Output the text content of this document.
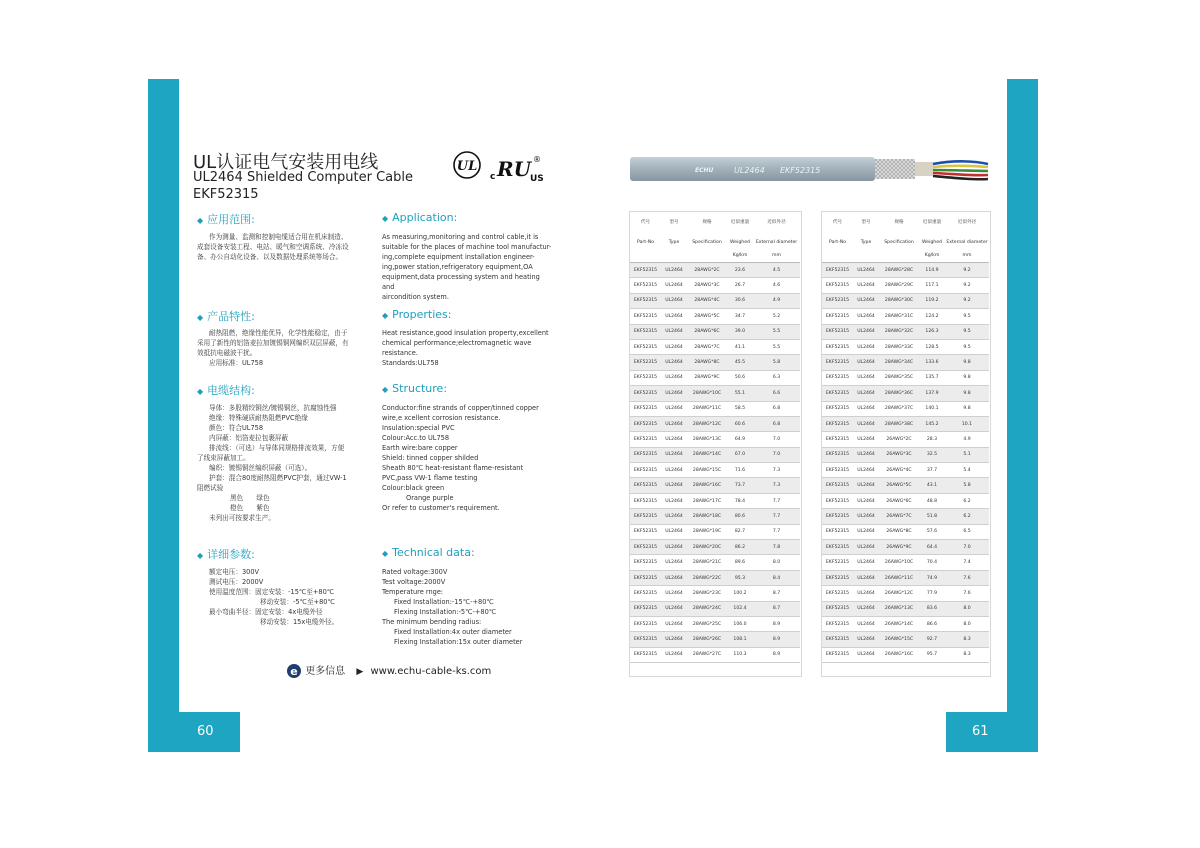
60	61
UL认证电气安装用电线
UL2464 Shielded Computer Cable
EKF52315
UL
c RU ®
US
◆ 应用范围:
作为测量、监测和控制电缆适合用在机床制造、
成套设备安装工程、电站、暖气和空调系统、冷冻设
备、办公自动化设备、以及数据处理系统等场合。
◆ 产品特性:
耐热阻燃，绝缘性能优异，化学性能稳定，由于
采用了新性的铝箔麦拉加镀锡铜网编织双层屏蔽，有
效抵抗电磁波干扰。
应用标准：UL758
◆ 电缆结构:
导体：多股精绞铜丝/镀锡铜丝，抗腐蚀性强
绝缘：特殊硬质耐热阻燃PVC绝缘
颜色：符合UL758
内屏蔽：铝箔麦拉包裹屏蔽
排流线：（可选）与导体同规格排流效果，方便
了线束屏蔽加工。
编织：镀锡铜丝编织屏蔽（可选）。
护套：混合80度耐热阻燃PVC护套，通过VW-1
阻燃试验
黑色　　绿色
橙色　　紫色
未列出可按要求生产。
◆ 详细参数:
额定电压：300V
测试电压：2000V
使用温度范围：固定安装：-15℃至+80℃
移动安装：-5℃至+80℃
最小弯曲半径：固定安装：4x电缆外径
移动安装：15x电缆外径。
◆ Application:
As measuring,monitoring and control cable,it is
suitable for the places of machine tool manufactur-
ing,complete equipment installation engineer-
ing,power station,refrigeratory equipment,OA
equipment,data processing system and heating and
aircondition system.
◆ Properties:
Heat resistance,good insulation property,excellent
chemical performance;electromagnetic wave
resistance.
Standards:UL758
◆ Structure:
Conductor:fine strands of copper/tinned copper
wire,e xcellent corrosion resistance.
Insulation:special PVC
Colour:Acc.to UL758
Earth wire:bare copper
Shield: tinned copper shilded
Sheath 80℃ heat-resistant flame-resistant
PVC,pass VW-1 flame testing
Colour:black green
Orange purple
Or refer to customer's requirement.
◆ Technical data:
Rated voltage:300V
Test voltage:2000V
Temperature rnge:
Fixed Installation:-15℃-+80℃
Flexing Installation:-5℃-+80℃
The minimum bending radius:
Fixed Installation:4x outer diameter
Flexing Installation:15x outer diameter
e 更多信息 ▶ www.echu-cable-ks.com
ECHU	UL2464 EKF52315
代号	型号	规格	近似重量	近似外径

Part-No	Type	Specification	Weighed	External diameter
			Kg/km	mm
EKF52315	UL2464	28AWG*2C	23.6	4.5
EKF52315	UL2464	28AWG*3C	26.7	4.6
EKF52315	UL2464	28AWG*4C	30.6	4.9
EKF52315	UL2464	28AWG*5C	34.7	5.2
EKF52315	UL2464	28AWG*6C	39.0	5.5
EKF52315	UL2464	28AWG*7C	41.1	5.5
EKF52315	UL2464	28AWG*8C	45.5	5.8
EKF52315	UL2464	28AWG*9C	50.6	6.3
EKF52315	UL2464	28AWG*10C	55.1	6.6
EKF52315	UL2464	28AWG*11C	58.5	6.8
EKF52315	UL2464	28AWG*12C	60.6	6.8
EKF52315	UL2464	28AWG*13C	64.9	7.0
EKF52315	UL2464	28AWG*14C	67.0	7.0
EKF52315	UL2464	28AWG*15C	71.6	7.3
EKF52315	UL2464	28AWG*16C	73.7	7.3
EKF52315	UL2464	28AWG*17C	78.4	7.7
EKF52315	UL2464	28AWG*18C	80.6	7.7
EKF52315	UL2464	28AWG*19C	82.7	7.7
EKF52315	UL2464	28AWG*20C	86.2	7.8
EKF52315	UL2464	28AWG*21C	89.6	8.0
EKF52315	UL2464	28AWG*22C	95.3	8.4
EKF52315	UL2464	28AWG*23C	100.2	8.7
EKF52315	UL2464	28AWG*24C	102.4	8.7
EKF52315	UL2464	28AWG*25C	106.0	8.9
EKF52315	UL2464	28AWG*26C	108.1	8.9
EKF52315	UL2464	28AWG*27C	110.3	8.9
代号	型号	规格	近似重量	近似外径

Part-No	Type	Specification	Weighed	External diameter
			Kg/km	mm
EKF52315	UL2464	28AWG*28C	114.9	9.2
EKF52315	UL2464	28AWG*29C	117.1	9.2
EKF52315	UL2464	28AWG*30C	119.2	9.2
EKF52315	UL2464	28AWG*31C	124.2	9.5
EKF52315	UL2464	28AWG*32C	126.3	9.5
EKF52315	UL2464	28AWG*33C	128.5	9.5
EKF52315	UL2464	28AWG*34C	133.6	9.8
EKF52315	UL2464	28AWG*35C	135.7	9.8
EKF52315	UL2464	28AWG*36C	137.9	9.8
EKF52315	UL2464	28AWG*37C	140.1	9.8
EKF52315	UL2464	28AWG*38C	145.2	10.1
EKF52315	UL2464	26AWG*2C	28.3	4.9
EKF52315	UL2464	26AWG*3C	32.5	5.1
EKF52315	UL2464	26AWG*4C	37.7	5.4
EKF52315	UL2464	26AWG*5C	43.1	5.8
EKF52315	UL2464	26AWG*6C	48.8	6.2
EKF52315	UL2464	26AWG*7C	51.8	6.2
EKF52315	UL2464	26AWG*8C	57.6	6.5
EKF52315	UL2464	26AWG*9C	64.4	7.0
EKF52315	UL2464	26AWG*10C	70.4	7.4
EKF52315	UL2464	26AWG*11C	74.9	7.6
EKF52315	UL2464	26AWG*12C	77.9	7.6
EKF52315	UL2464	26AWG*13C	83.6	8.0
EKF52315	UL2464	26AWG*14C	86.6	8.0
EKF52315	UL2464	26AWG*15C	92.7	8.3
EKF52315	UL2464	26AWG*16C	95.7	8.3
